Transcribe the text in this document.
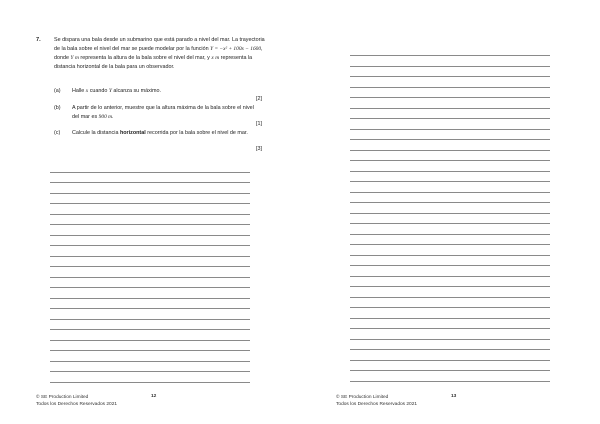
7. Se dispara una bala desde un submarino que está parado a nivel del mar. La trayectoria de la bala sobre el nivel del mar se puede modelar por la función Y = −x² + 100x − 1600, donde Y m representa la altura de la bala sobre el nivel del mar, y x m representa la distancia horizontal de la bala para un observador.
(a) Halle x cuando Y alcanza su máximo.
[2]
(b) A partir de lo anterior, muestre que la altura máxima de la bala sobre el nivel del mar es 900 m.
[1]
(c) Calcule la distancia horizontal recorrida por la bala sobre el nivel de mar.
[3]
© SE Production Limited
Todos los Derechos Reservados 2021
12	© SE Production Limited
Todos los Derechos Reservados 2021
13
